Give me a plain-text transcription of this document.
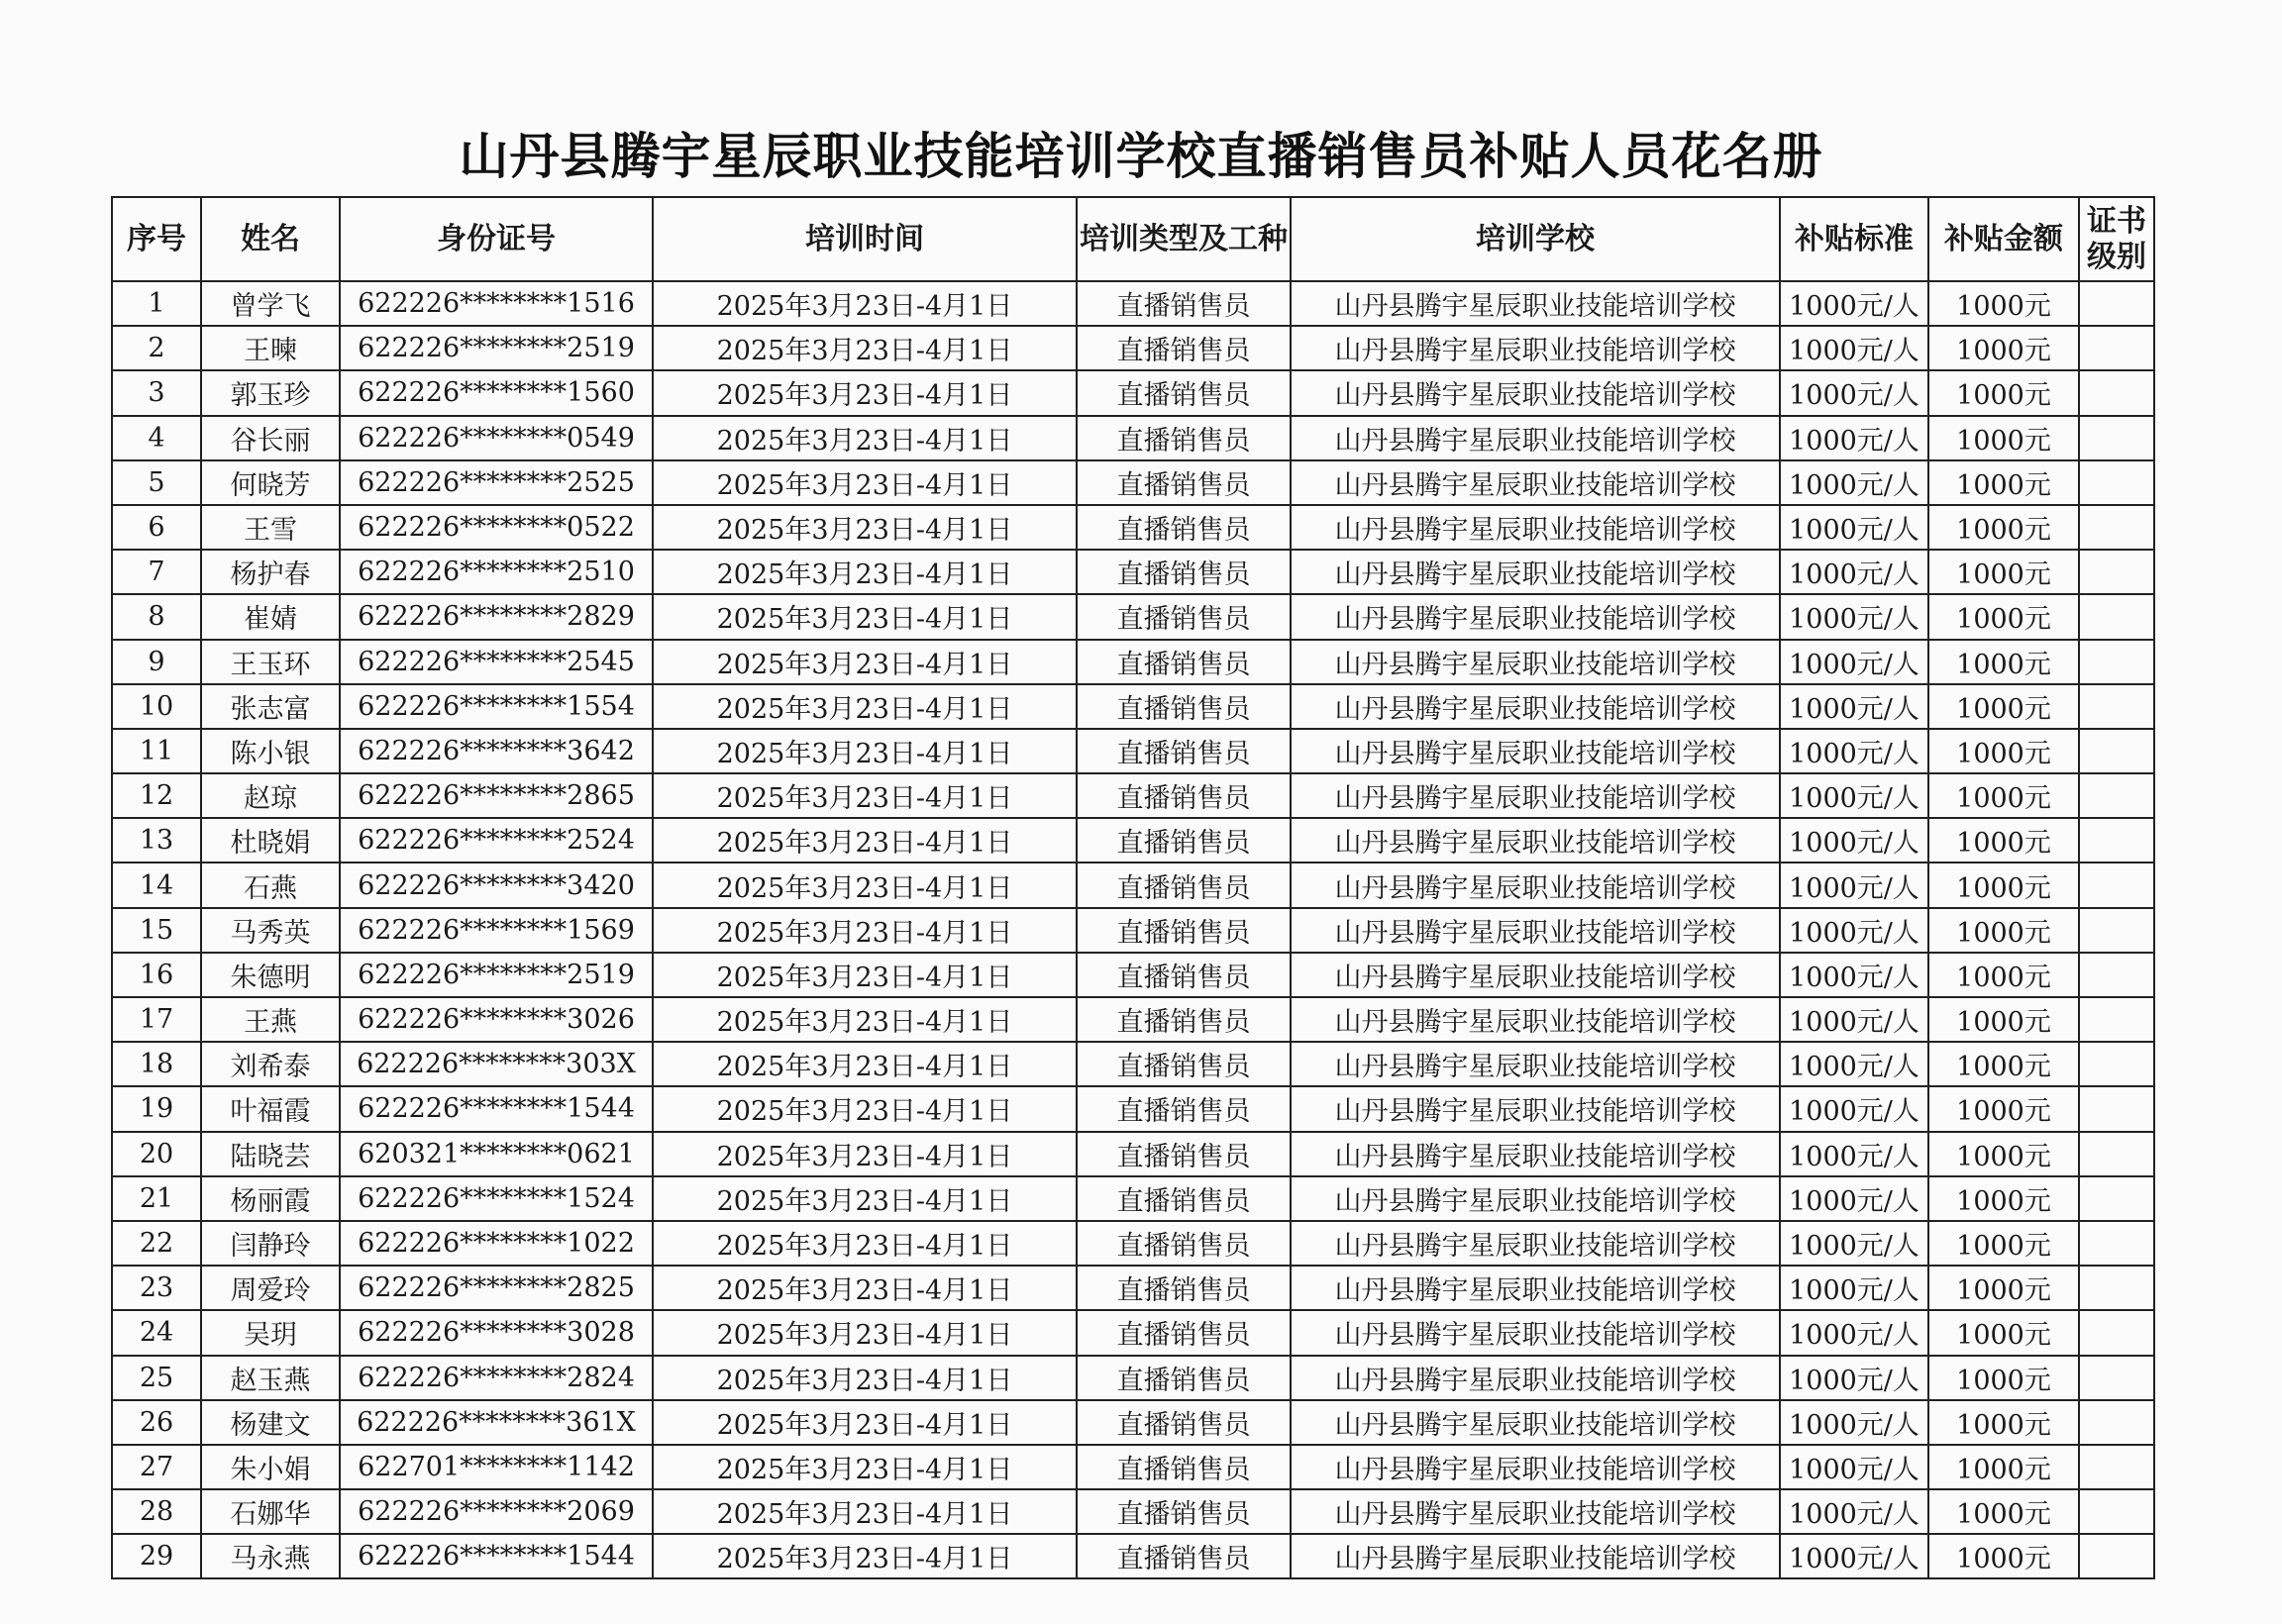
山丹县腾宇星辰职业技能培训学校直播销售员补贴人员花名册
序号	姓名	身份证号	培训时间	培训类型及工种	培训学校	补贴标准	补贴金额	证书级别
1	曾学飞	622226********1516	2025年3月23日-4月1日	直播销售员	山丹县腾宇星辰职业技能培训学校	1000元/人	1000元	
2	王暕	622226********2519	2025年3月23日-4月1日	直播销售员	山丹县腾宇星辰职业技能培训学校	1000元/人	1000元	
3	郭玉珍	622226********1560	2025年3月23日-4月1日	直播销售员	山丹县腾宇星辰职业技能培训学校	1000元/人	1000元	
4	谷长丽	622226********0549	2025年3月23日-4月1日	直播销售员	山丹县腾宇星辰职业技能培训学校	1000元/人	1000元	
5	何晓芳	622226********2525	2025年3月23日-4月1日	直播销售员	山丹县腾宇星辰职业技能培训学校	1000元/人	1000元	
6	王雪	622226********0522	2025年3月23日-4月1日	直播销售员	山丹县腾宇星辰职业技能培训学校	1000元/人	1000元	
7	杨护春	622226********2510	2025年3月23日-4月1日	直播销售员	山丹县腾宇星辰职业技能培训学校	1000元/人	1000元	
8	崔婧	622226********2829	2025年3月23日-4月1日	直播销售员	山丹县腾宇星辰职业技能培训学校	1000元/人	1000元	
9	王玉环	622226********2545	2025年3月23日-4月1日	直播销售员	山丹县腾宇星辰职业技能培训学校	1000元/人	1000元	
10	张志富	622226********1554	2025年3月23日-4月1日	直播销售员	山丹县腾宇星辰职业技能培训学校	1000元/人	1000元	
11	陈小银	622226********3642	2025年3月23日-4月1日	直播销售员	山丹县腾宇星辰职业技能培训学校	1000元/人	1000元	
12	赵琼	622226********2865	2025年3月23日-4月1日	直播销售员	山丹县腾宇星辰职业技能培训学校	1000元/人	1000元	
13	杜晓娟	622226********2524	2025年3月23日-4月1日	直播销售员	山丹县腾宇星辰职业技能培训学校	1000元/人	1000元	
14	石燕	622226********3420	2025年3月23日-4月1日	直播销售员	山丹县腾宇星辰职业技能培训学校	1000元/人	1000元	
15	马秀英	622226********1569	2025年3月23日-4月1日	直播销售员	山丹县腾宇星辰职业技能培训学校	1000元/人	1000元	
16	朱德明	622226********2519	2025年3月23日-4月1日	直播销售员	山丹县腾宇星辰职业技能培训学校	1000元/人	1000元	
17	王燕	622226********3026	2025年3月23日-4月1日	直播销售员	山丹县腾宇星辰职业技能培训学校	1000元/人	1000元	
18	刘希泰	622226********303X	2025年3月23日-4月1日	直播销售员	山丹县腾宇星辰职业技能培训学校	1000元/人	1000元	
19	叶福霞	622226********1544	2025年3月23日-4月1日	直播销售员	山丹县腾宇星辰职业技能培训学校	1000元/人	1000元	
20	陆晓芸	620321********0621	2025年3月23日-4月1日	直播销售员	山丹县腾宇星辰职业技能培训学校	1000元/人	1000元	
21	杨丽霞	622226********1524	2025年3月23日-4月1日	直播销售员	山丹县腾宇星辰职业技能培训学校	1000元/人	1000元	
22	闫静玲	622226********1022	2025年3月23日-4月1日	直播销售员	山丹县腾宇星辰职业技能培训学校	1000元/人	1000元	
23	周爱玲	622226********2825	2025年3月23日-4月1日	直播销售员	山丹县腾宇星辰职业技能培训学校	1000元/人	1000元	
24	吴玥	622226********3028	2025年3月23日-4月1日	直播销售员	山丹县腾宇星辰职业技能培训学校	1000元/人	1000元	
25	赵玉燕	622226********2824	2025年3月23日-4月1日	直播销售员	山丹县腾宇星辰职业技能培训学校	1000元/人	1000元	
26	杨建文	622226********361X	2025年3月23日-4月1日	直播销售员	山丹县腾宇星辰职业技能培训学校	1000元/人	1000元	
27	朱小娟	622701********1142	2025年3月23日-4月1日	直播销售员	山丹县腾宇星辰职业技能培训学校	1000元/人	1000元	
28	石娜华	622226********2069	2025年3月23日-4月1日	直播销售员	山丹县腾宇星辰职业技能培训学校	1000元/人	1000元	
29	马永燕	622226********1544	2025年3月23日-4月1日	直播销售员	山丹县腾宇星辰职业技能培训学校	1000元/人	1000元	
